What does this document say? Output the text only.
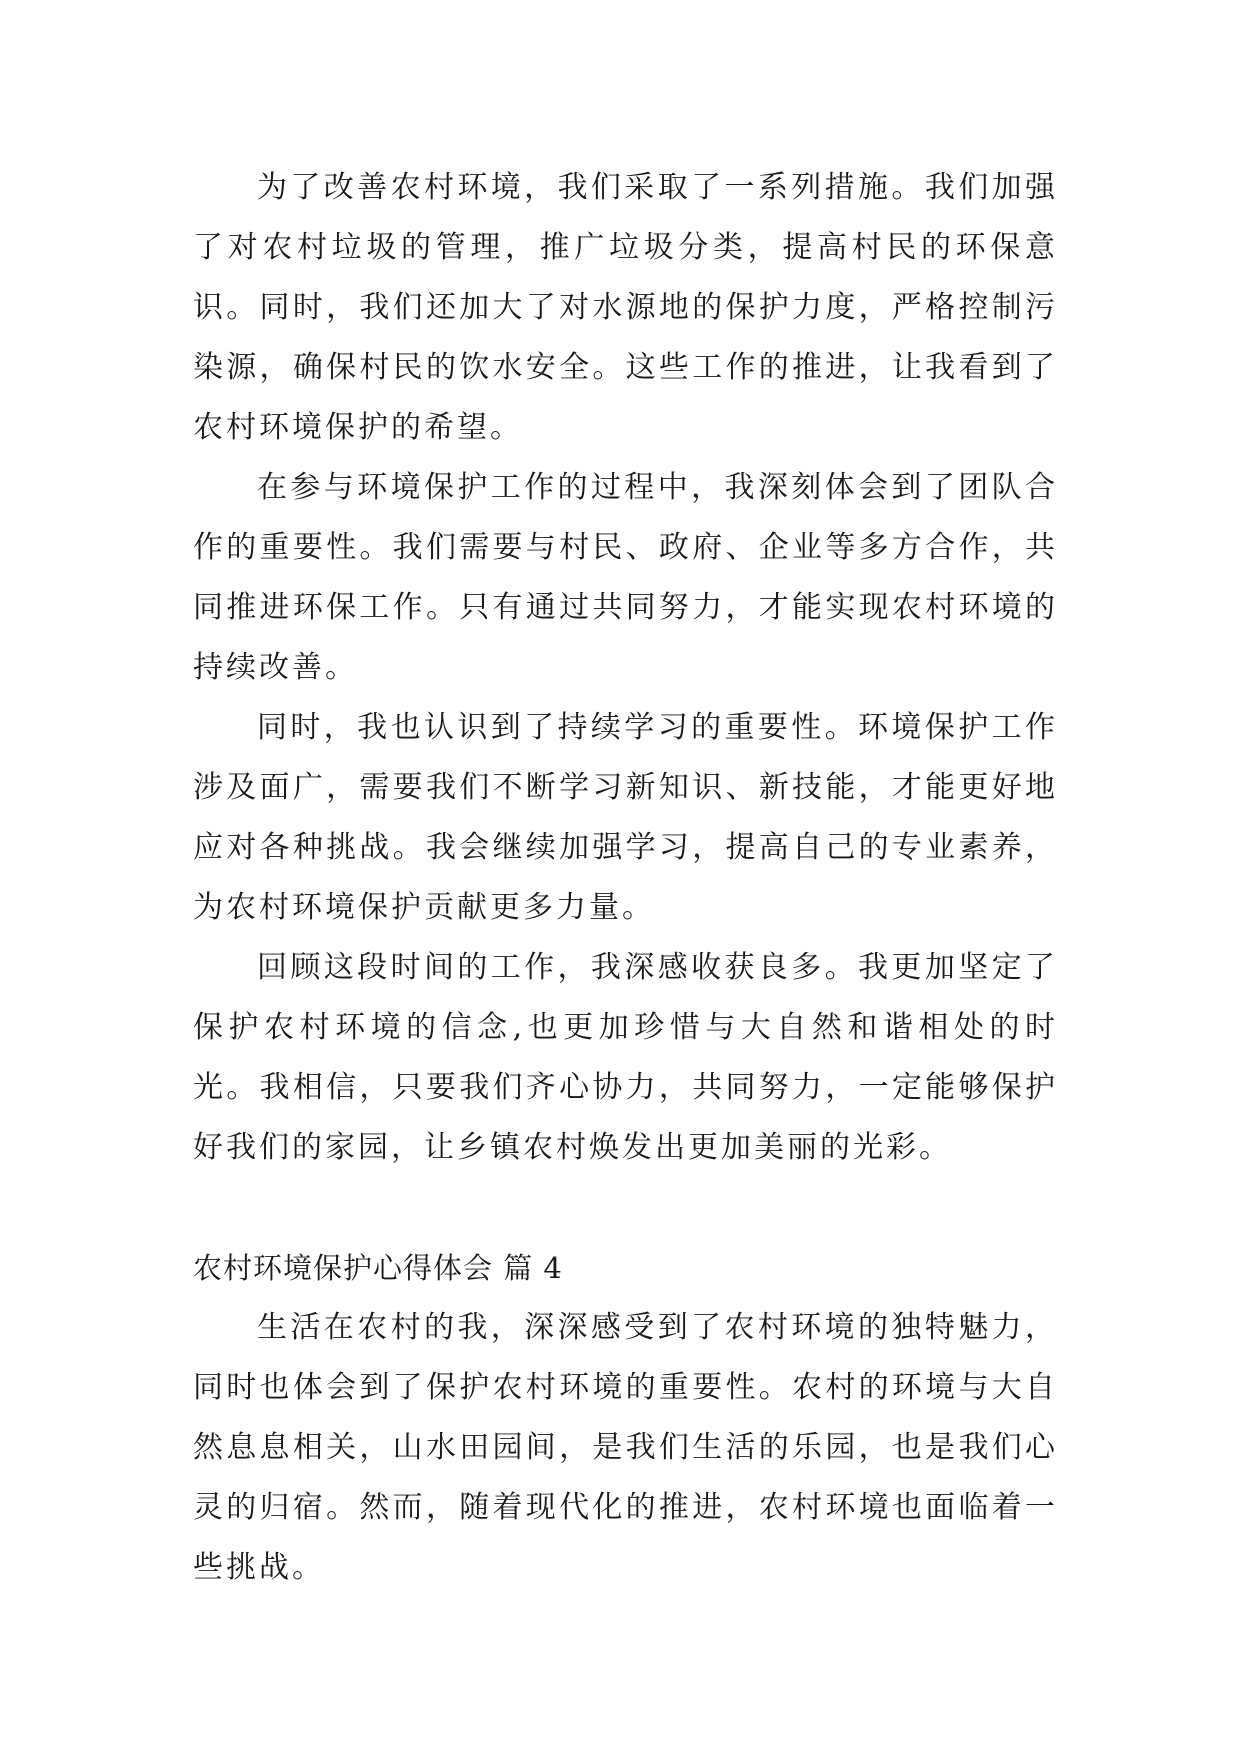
为了改善农村环境，我们采取了一系列措施。我们加强了对农村垃圾的管理，推广垃圾分类，提高村民的环保意识。同时，我们还加大了对水源地的保护力度，严格控制污染源，确保村民的饮水安全。这些工作的推进，让我看到了农村环境保护的希望。

在参与环境保护工作的过程中，我深刻体会到了团队合作的重要性。我们需要与村民、政府、企业等多方合作，共同推进环保工作。只有通过共同努力，才能实现农村环境的持续改善。

同时，我也认识到了持续学习的重要性。环境保护工作涉及面广，需要我们不断学习新知识、新技能，才能更好地应对各种挑战。我会继续加强学习，提高自己的专业素养，为农村环境保护贡献更多力量。

回顾这段时间的工作，我深感收获良多。我更加坚定了保护农村环境的信念,也更加珍惜与大自然和谐相处的时光。我相信，只要我们齐心协力，共同努力，一定能够保护好我们的家园，让乡镇农村焕发出更加美丽的光彩。

农村环境保护心得体会 篇 4

生活在农村的我，深深感受到了农村环境的独特魅力，同时也体会到了保护农村环境的重要性。农村的环境与大自然息息相关，山水田园间，是我们生活的乐园，也是我们心灵的归宿。然而，随着现代化的推进，农村环境也面临着一些挑战。
